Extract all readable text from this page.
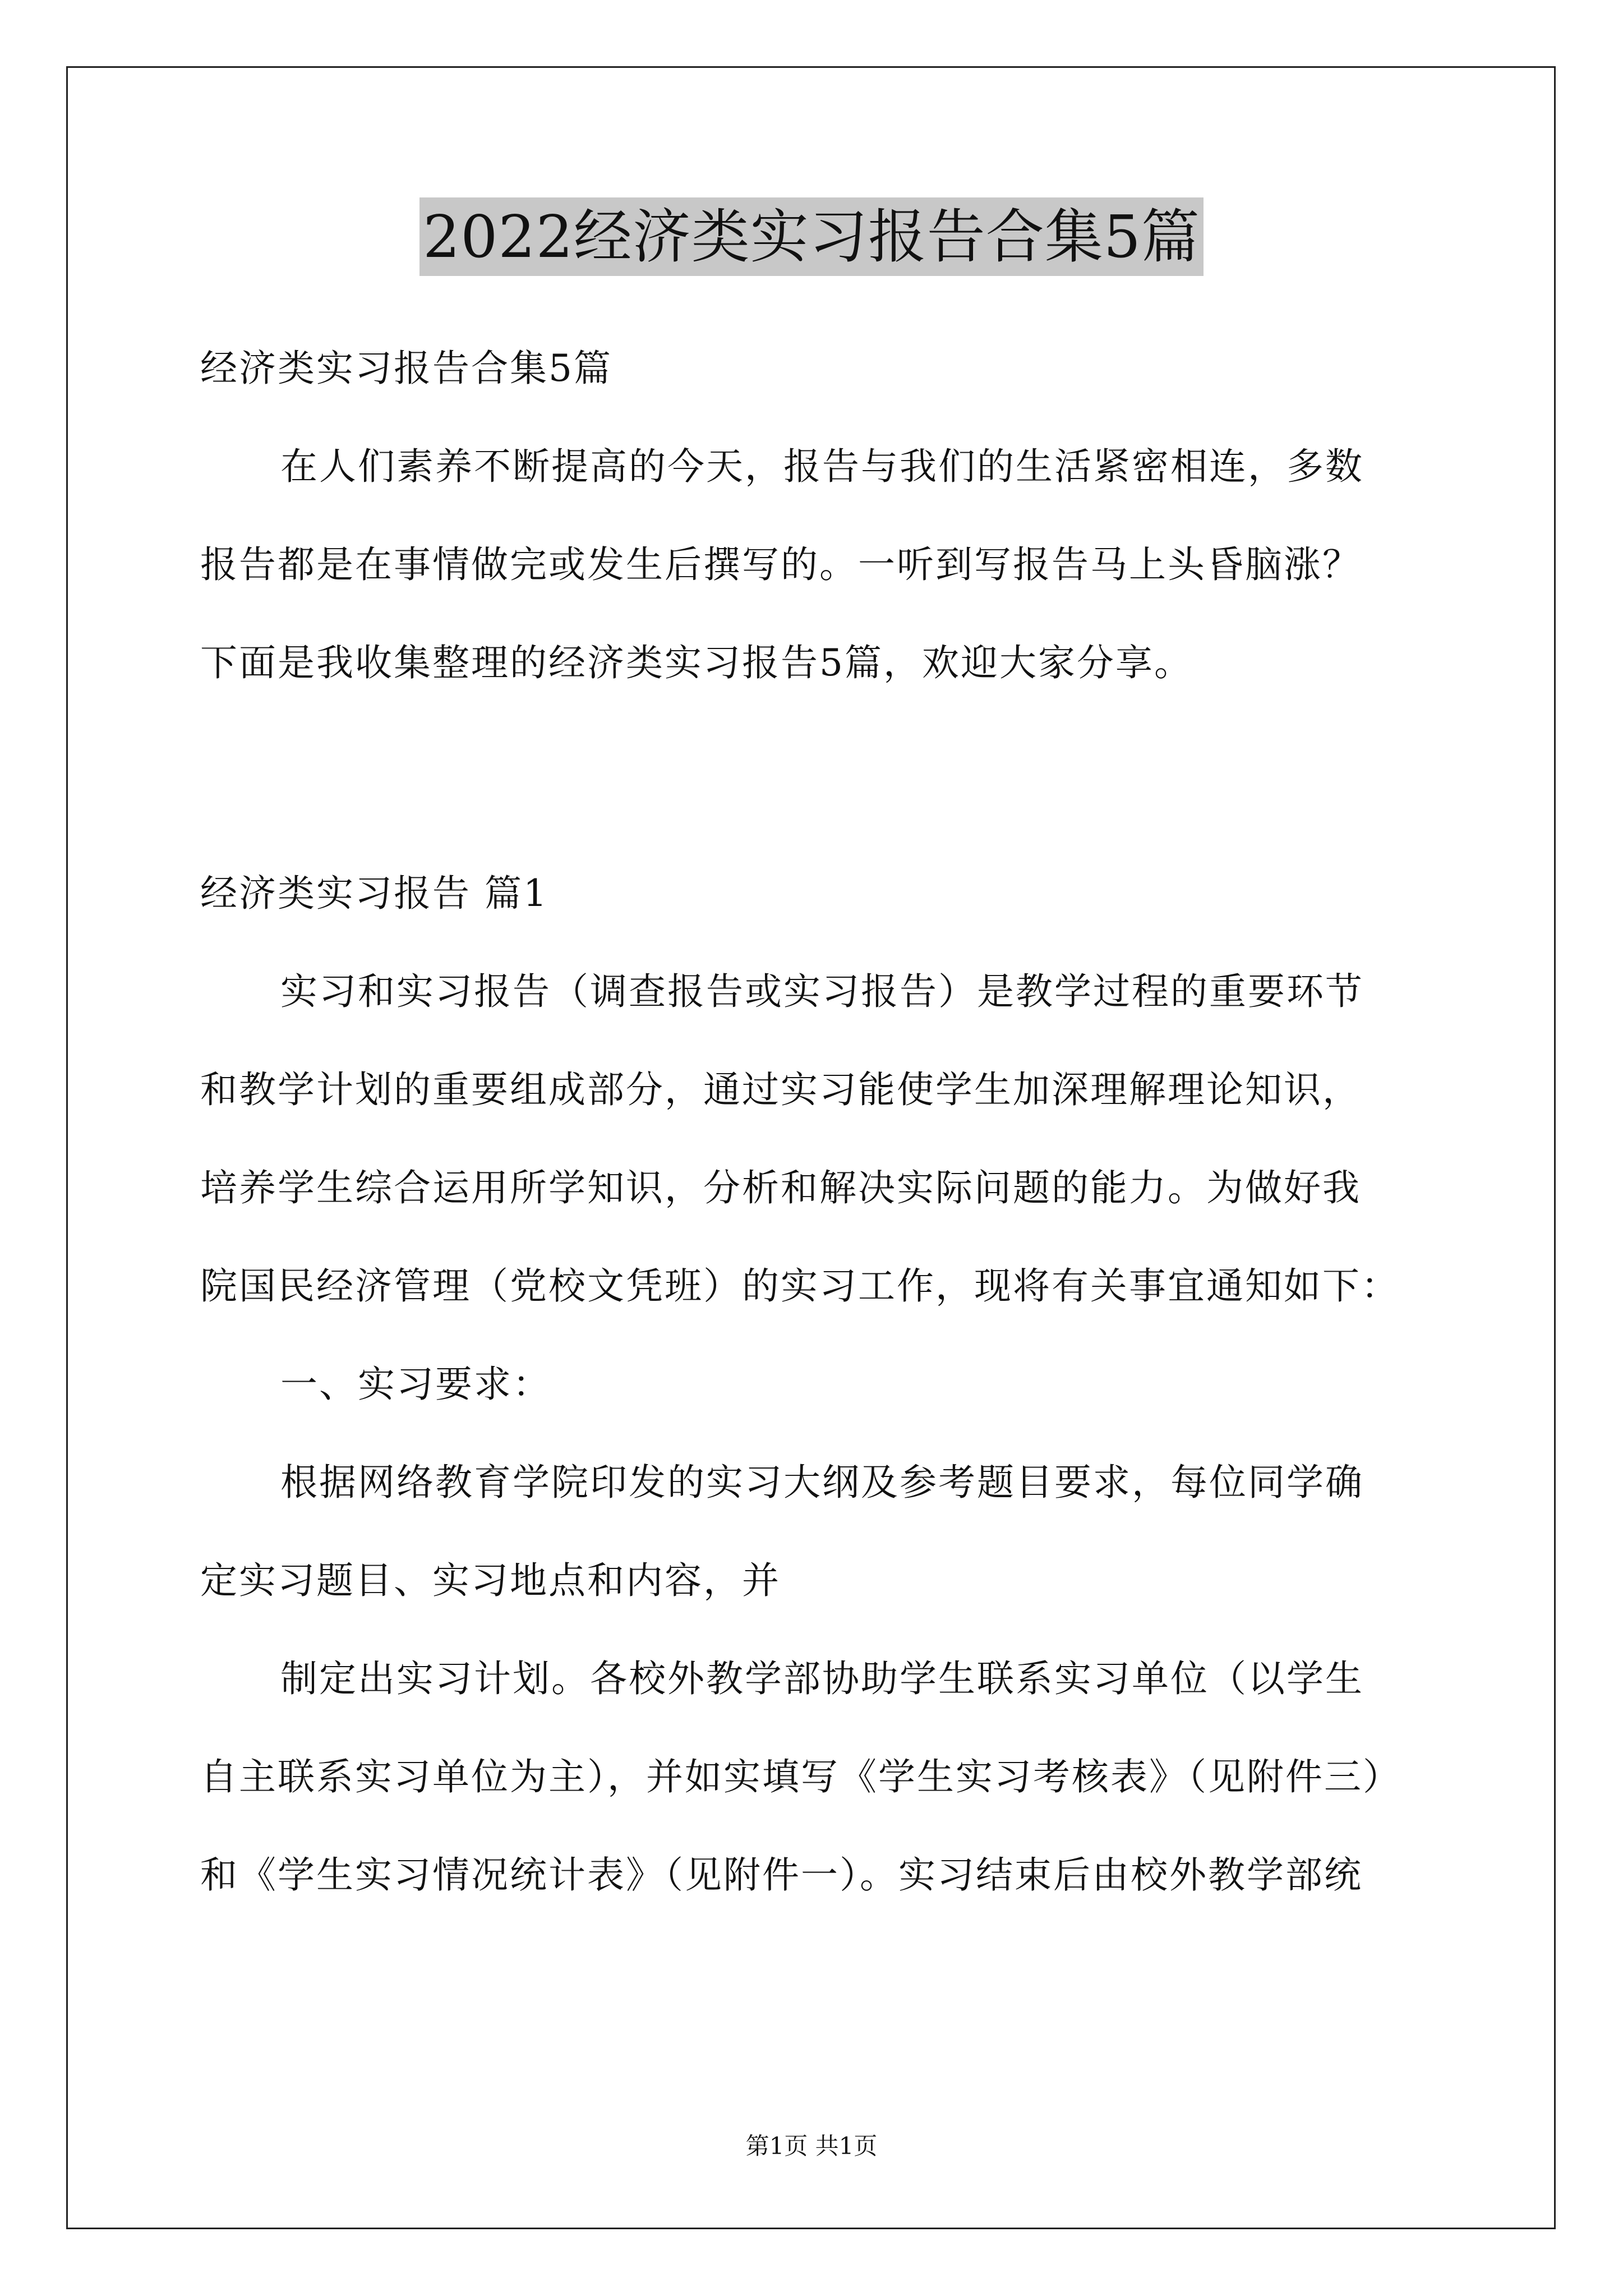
2022经济类实习报告合集5篇
经济类实习报告合集5篇
在人们素养不断提高的今天，报告与我们的生活紧密相连，多数
报告都是在事情做完或发生后撰写的。一听到写报告马上头昏脑涨？
下面是我收集整理的经济类实习报告5篇，欢迎大家分享。
经济类实习报告 篇1
实习和实习报告（调查报告或实习报告）是教学过程的重要环节
和教学计划的重要组成部分，通过实习能使学生加深理解理论知识，
培养学生综合运用所学知识，分析和解决实际问题的能力。为做好我
院国民经济管理（党校文凭班）的实习工作，现将有关事宜通知如下：
一、实习要求：
根据网络教育学院印发的实习大纲及参考题目要求，每位同学确
定实习题目、实习地点和内容，并
制定出实习计划。各校外教学部协助学生联系实习单位（以学生
自主联系实习单位为主），并如实填写《学生实习考核表》（见附件三）
和《学生实习情况统计表》（见附件一）。实习结束后由校外教学部统
第1页 共1页
